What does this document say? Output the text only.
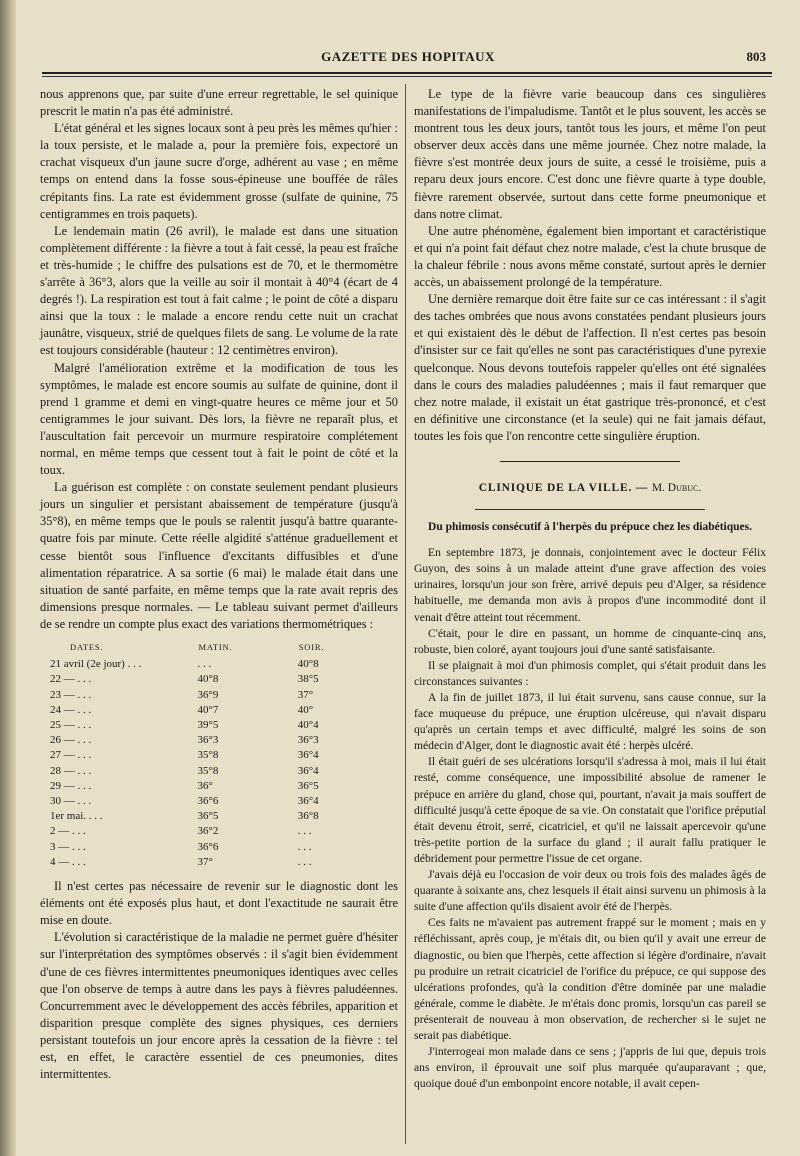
GAZETTE DES HOPITAUX	803

nous apprenons que, par suite d'une erreur regrettable, le sel quinique prescrit le matin n'a pas été administré.

L'état général et les signes locaux sont à peu près les mêmes qu'hier : la toux persiste, et le malade a, pour la première fois, expectoré un crachat visqueux d'un jaune sucre d'orge, adhérent au vase ; en même temps on entend dans la fosse sous-épineuse une bouffée de râles crépitants fins. La rate est évidemment grosse (sulfate de quinine, 75 centigrammes en trois paquets).

Le lendemain matin (26 avril), le malade est dans une situation complètement différente : la fièvre a tout à fait cessé, la peau est fraîche et très-humide ; le chiffre des pulsations est de 70, et le thermomètre s'arrête à 36°3, alors que la veille au soir il montait à 40°4 (écart de 4 degrés !). La respiration est tout à fait calme ; le point de côté a disparu ainsi que la toux : le malade a encore rendu cette nuit un crachat jaunâtre, visqueux, strié de quelques filets de sang. Le volume de la rate est toujours considérable (hauteur : 12 centimètres environ).

Malgré l'amélioration extrême et la modification de tous les symptômes, le malade est encore soumis au sulfate de quinine, dont il prend 1 gramme et demi en vingt-quatre heures ce même jour et 50 centigrammes le jour suivant. Dès lors, la fièvre ne reparaît plus, et l'auscultation fait percevoir un murmure respiratoire complétement normal, en même temps que cessent tout à fait le point de côté et la toux.

La guérison est complète : on constate seulement pendant plusieurs jours un singulier et persistant abaissement de température (jusqu'à 35°8), en même temps que le pouls se ralentit jusqu'à battre quarante-quatre fois par minute. Cette réelle algidité s'atténue graduellement et cesse bientôt sous l'influence d'excitants diffusibles et d'une alimentation réparatrice. A sa sortie (6 mai) le malade était dans une situation de santé parfaite, en même temps que la rate avait repris des dimensions presque normales. — Le tableau suivant permet d'ailleurs de se rendre un compte plus exact des variations thermométriques :

DATES.	MATIN.	SOIR.
21 avril (2e jour) . . .	. . .	40°8
22 — . . .	40°8	38°5
23 — . . .	36°9	37°
24 — . . .	40°7	40°
25 — . . .	39°5	40°4
26 — . . .	36°3	36°3
27 — . . .	35°8	36°4
28 — . . .	35°8	36°4
29 — . . .	36°	36°5
30 — . . .	36°6	36°4
1er mai. . . .	36°5	36°8
2 — . . .	36°2	. . .
3 — . . .	36°6	. . .
4 — . . .	37°	. . .

Il n'est certes pas nécessaire de revenir sur le diagnostic dont les éléments ont été exposés plus haut, et dont l'exactitude ne saurait être mise en doute.

L'évolution si caractéristique de la maladie ne permet guère d'hésiter sur l'interprétation des symptômes observés : il s'agit bien évidemment d'une de ces fièvres intermittentes pneumoniques identiques avec celles que l'on observe de temps à autre dans les pays à fièvres paludéennes. Concurremment avec le développement des accès fébriles, apparition et disparition presque complète des signes physiques, ces derniers persistant toutefois un jour encore après la cessation de la fièvre : tel est, en effet, le caractère essentiel de ces pneumonies, dites intermittentes.

Le type de la fièvre varie beaucoup dans ces singulières manifestations de l'impaludisme. Tantôt et le plus souvent, les accès se montrent tous les deux jours, tantôt tous les jours, et même l'on peut observer deux accès dans une même journée. Chez notre malade, la fièvre s'est montrée deux jours de suite, a cessé le troisième, puis a reparu deux jours encore. C'est donc une fièvre quarte à type double, fièvre rarement observée, surtout dans cette forme pneumonique et dans notre climat.

Une autre phénomène, également bien important et caractéristique et qui n'a point fait défaut chez notre malade, c'est la chute brusque de la chaleur fébrile : nous avons même constaté, surtout après le dernier accès, un abaissement prolongé de la température.

Une dernière remarque doit être faite sur ce cas intéressant : il s'agit des taches ombrées que nous avons constatées pendant plusieurs jours et qui existaient dès le début de l'affection. Il n'est certes pas besoin d'insister sur ce fait qu'elles ne sont pas caractéristiques d'une pyrexie quelconque. Nous devons toutefois rappeler qu'elles ont été signalées dans le cours des maladies paludéennes ; mais il faut remarquer que chez notre malade, il existait un état gastrique très-prononcé, et c'est en définitive une circonstance (et la seule) qui ne fait jamais défaut, toutes les fois que l'on rencontre cette singulière éruption.

CLINIQUE DE LA VILLE. — M. Dubuc.
Du phimosis consécutif à l'herpès du prépuce chez les diabétiques.

En septembre 1873, je donnais, conjointement avec le docteur Félix Guyon, des soins à un malade atteint d'une grave affection des voies urinaires, lorsqu'un jour son frère, arrivé depuis peu d'Alger, sa résidence habituelle, me demanda mon avis à propos d'une incommodité dont il venait d'être atteint tout récemment.

C'était, pour le dire en passant, un homme de cinquante-cinq ans, robuste, bien coloré, ayant toujours joui d'une santé satisfaisante.

Il se plaignait à moi d'un phimosis complet, qui s'était produit dans les circonstances suivantes :

A la fin de juillet 1873, il lui était survenu, sans cause connue, sur la face muqueuse du prépuce, une éruption ulcéreuse, qui n'avait disparu qu'après un certain temps et avec difficulté, malgré les soins de son médecin d'Alger, dont le diagnostic avait été : herpès ulcéré.

Il était guéri de ses ulcérations lorsqu'il s'adressa à moi, mais il lui était resté, comme conséquence, une impossibilité absolue de ramener le prépuce en arrière du gland, chose qui, pourtant, n'avait ja mais souffert de difficulté jusqu'à cette époque de sa vie. On constatait que l'orifice préputial était devenu étroit, serré, cicatriciel, et qu'il ne laissait apercevoir qu'une très-petite portion de la surface du gland ; il aurait fallu pratiquer le débridement pour permettre l'issue de cet organe.

J'avais déjà eu l'occasion de voir deux ou trois fois des malades âgés de quarante à soixante ans, chez lesquels il était ainsi survenu un phimosis à la suite d'une affection qu'ils disaient avoir été de l'herpès.

Ces faits ne m'avaient pas autrement frappé sur le moment ; mais en y réfléchissant, après coup, je m'étais dit, ou bien qu'il y avait une erreur de diagnostic, ou bien que l'herpès, cette affection si légère d'ordinaire, n'avait pu produire un retrait cicatriciel de l'orifice du prépuce, ce qui suppose des ulcérations profondes, qu'à la condition d'être dominée par une maladie générale, comme le diabète. Je m'étais donc promis, lorsqu'un cas pareil se présenterait de nouveau à mon observation, de rechercher si le sujet ne serait pas diabétique.

J'interrogeai mon malade dans ce sens ; j'appris de lui que, depuis trois ans environ, il éprouvait une soif plus marquée qu'auparavant ; que, quoique doué d'un embonpoint encore notable, il avait cepen-
